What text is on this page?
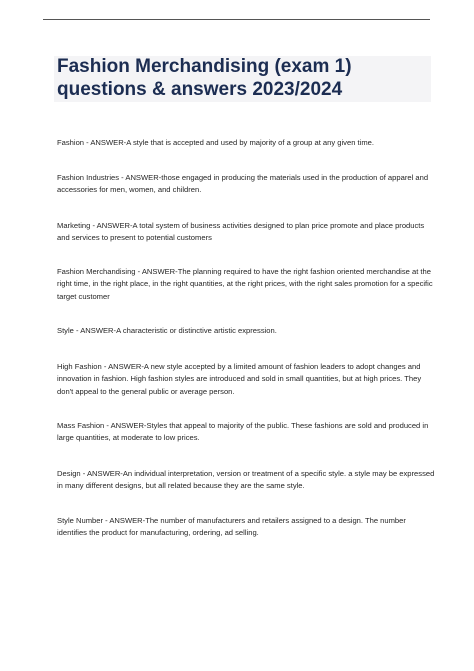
Fashion Merchandising (exam 1)
questions & answers 2023/2024
Fashion - ANSWER-A style that is accepted and used by majority of a group at any given time.
Fashion Industries - ANSWER-those engaged in producing the materials used in the production of apparel and accessories for men, women, and children.
Marketing - ANSWER-A total system of business activities designed to plan price promote and place products and services to present to potential customers
Fashion Merchandising - ANSWER-The planning required to have the right fashion oriented merchandise at the right time, in the right place, in the right quantities, at the right prices, with the right sales promotion for a specific target customer
Style - ANSWER-A characteristic or distinctive artistic expression.
High Fashion - ANSWER-A new style accepted by a limited amount of fashion leaders to adopt changes and innovation in fashion. High fashion styles are introduced and sold in small quantities, but at high prices. They don't appeal to the general public or average person.
Mass Fashion - ANSWER-Styles that appeal to majority of the public. These fashions are sold and produced in large quantities, at moderate to low prices.
Design - ANSWER-An individual interpretation, version or treatment of a specific style. a style may be expressed in many different designs, but all related because they are the same style.
Style Number - ANSWER-The number of manufacturers and retailers assigned to a design. The number identifies the product for manufacturing, ordering, ad selling.
